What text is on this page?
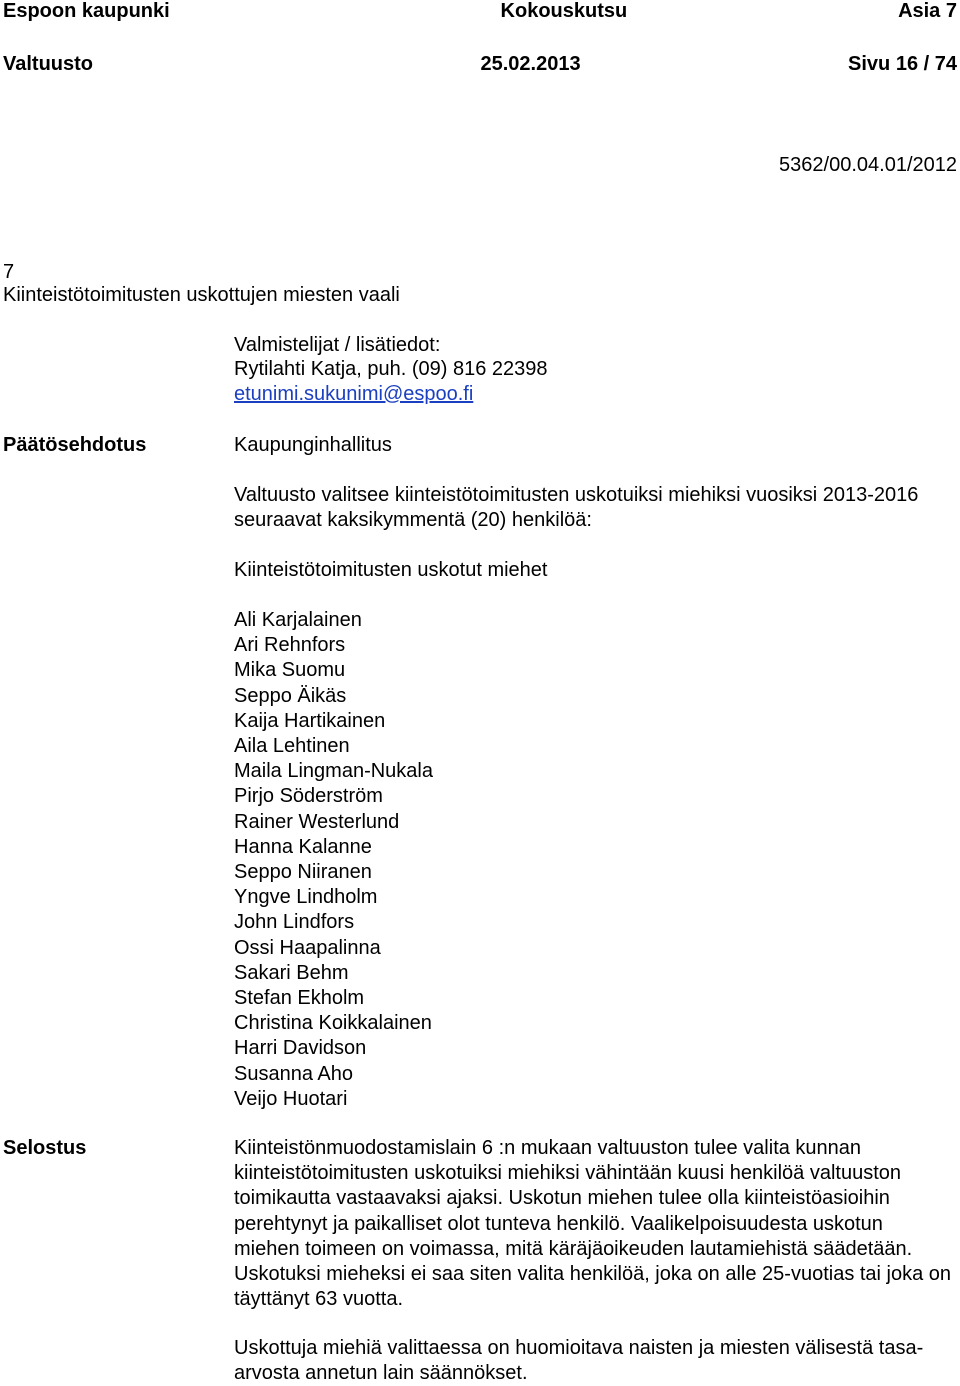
Espoon kaupunki	Kokouskutsu	Asia 7
Valtuusto	25.02.2013	Sivu 16 / 74
5362/00.04.01/2012
7
Kiinteistötoimitusten uskottujen miesten vaali
Valmistelijat / lisätiedot:
Rytilahti Katja, puh. (09) 816 22398
etunimi.sukunimi@espoo.fi
Päätösehdotus	Kaupunginhallitus
Valtuusto valitsee kiinteistötoimitusten uskotuiksi miehiksi vuosiksi 2013-2016 seuraavat kaksikymmentä (20) henkilöä:
Kiinteistötoimitusten uskotut miehet
Ali Karjalainen
Ari Rehnfors
Mika Suomu
Seppo Äikäs
Kaija Hartikainen
Aila Lehtinen
Maila Lingman-Nukala
Pirjo Söderström
Rainer Westerlund
Hanna Kalanne
Seppo Niiranen
Yngve Lindholm
John Lindfors
Ossi Haapalinna
Sakari Behm
Stefan Ekholm
Christina Koikkalainen
Harri Davidson
Susanna Aho
Veijo Huotari
Selostus	Kiinteistönmuodostamislain 6 :n mukaan valtuuston tulee valita kunnan kiinteistötoimitusten uskotuiksi miehiksi vähintään kuusi henkilöä valtuuston toimikautta vastaavaksi ajaksi. Uskotun miehen tulee olla kiinteistöasioihin perehtynyt ja paikalliset olot tunteva henkilö. Vaalikelpoisuudesta uskotun miehen toimeen on voimassa, mitä käräjäoikeuden lautamiehistä säädetään. Uskotuksi mieheksi ei saa siten valita henkilöä, joka on alle 25-vuotias tai joka on täyttänyt 63 vuotta.
Uskottuja miehiä valittaessa on huomioitava naisten ja miesten välisestä tasa-arvosta annetun lain säännökset.
